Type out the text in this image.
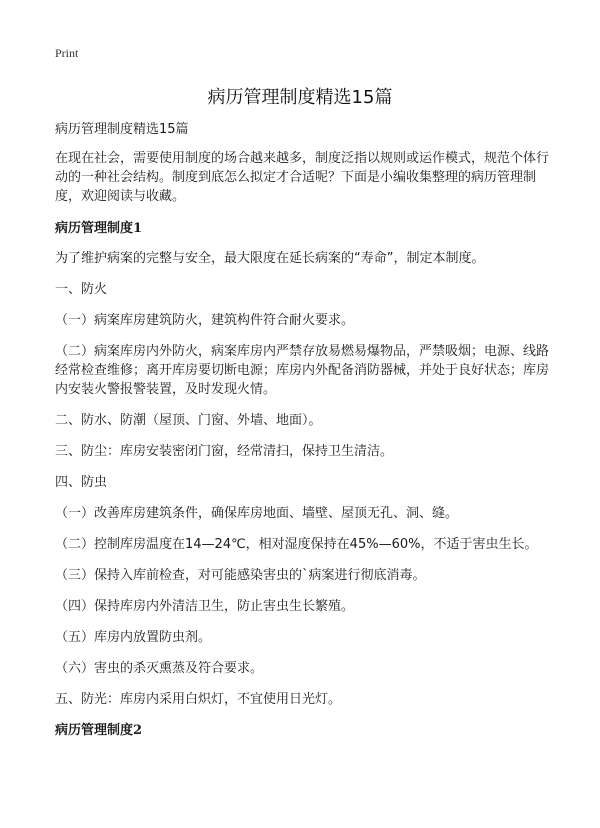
Print
病历管理制度精选15篇

病历管理制度精选15篇

在现在社会，需要使用制度的场合越来越多，制度泛指以规则或运作模式，规范个体行动的一种社会结构。制度到底怎么拟定才合适呢？下面是小编收集整理的病历管理制度，欢迎阅读与收藏。

病历管理制度1

为了维护病案的完整与安全，最大限度在延长病案的“寿命”，制定本制度。

一、防火

（一）病案库房建筑防火，建筑构件符合耐火要求。

（二）病案库房内外防火，病案库房内严禁存放易燃易爆物品，严禁吸烟；电源、线路经常检查维修；离开库房要切断电源；库房内外配备消防器械，并处于良好状态；库房内安装火警报警装置，及时发现火情。

二、防水、防潮（屋顶、门窗、外墙、地面）。

三、防尘：库房安装密闭门窗，经常清扫，保持卫生清洁。

四、防虫

（一）改善库房建筑条件，确保库房地面、墙壁、屋顶无孔、洞、缝。

（二）控制库房温度在14—24℃，相对湿度保持在45%—60%，不适于害虫生长。

（三）保持入库前检查，对可能感染害虫的`病案进行彻底消毒。

（四）保持库房内外清洁卫生，防止害虫生长繁殖。

（五）库房内放置防虫剂。

（六）害虫的杀灭熏蒸及符合要求。

五、防光：库房内采用白炽灯，不宜使用日光灯。

病历管理制度2
